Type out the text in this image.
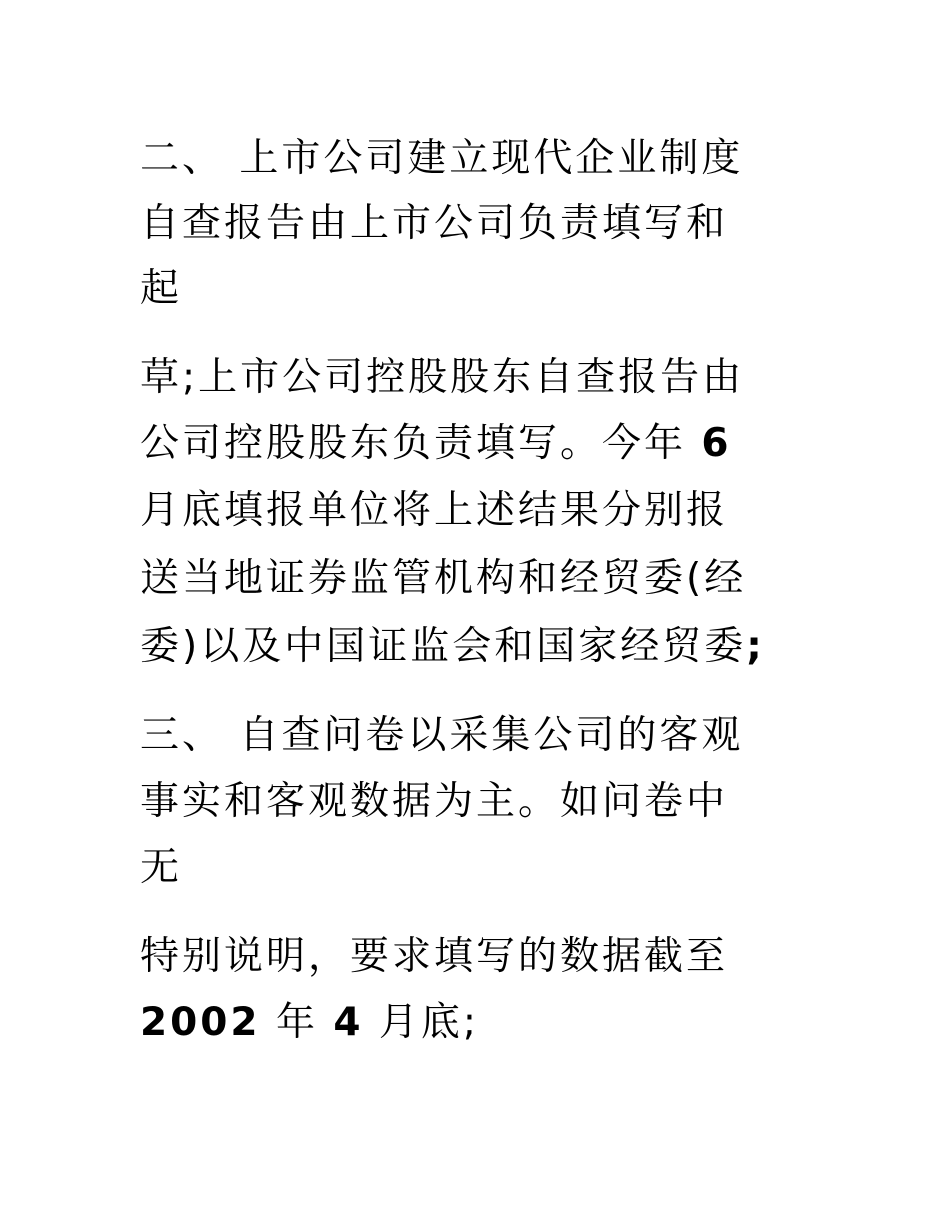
二、 上市公司建立现代企业制度
自查报告由上市公司负责填写和
起
草;上市公司控股股东自查报告由
公司控股股东负责填写。今年 6
月底填报单位将上述结果分别报
送当地证券监管机构和经贸委(经
委)以及中国证监会和国家经贸委;
三、 自查问卷以采集公司的客观
事实和客观数据为主。如问卷中
无
特别说明，要求填写的数据截至
2002 年 4 月底;
